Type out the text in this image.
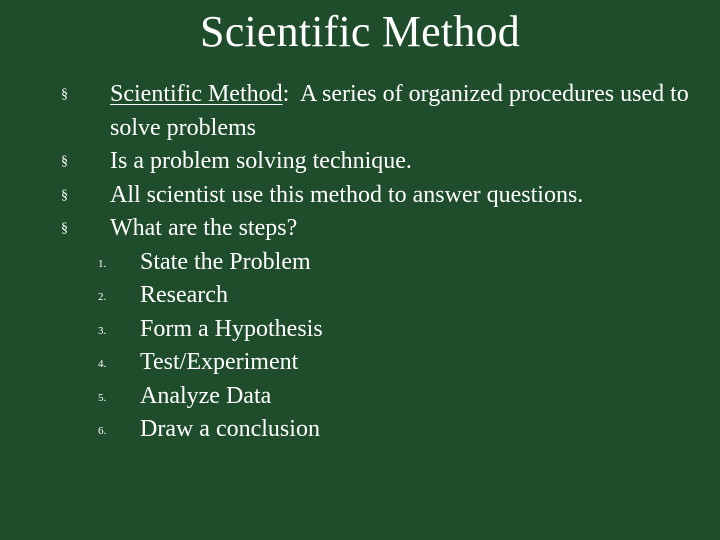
Scientific Method
§ Scientific Method:  A series of organized procedures used to solve problems
§ Is a problem solving technique.
§ All scientist use this method to answer questions.
§ What are the steps?
1. State the Problem
2. Research
3. Form a Hypothesis
4. Test/Experiment
5. Analyze Data
6. Draw a conclusion
